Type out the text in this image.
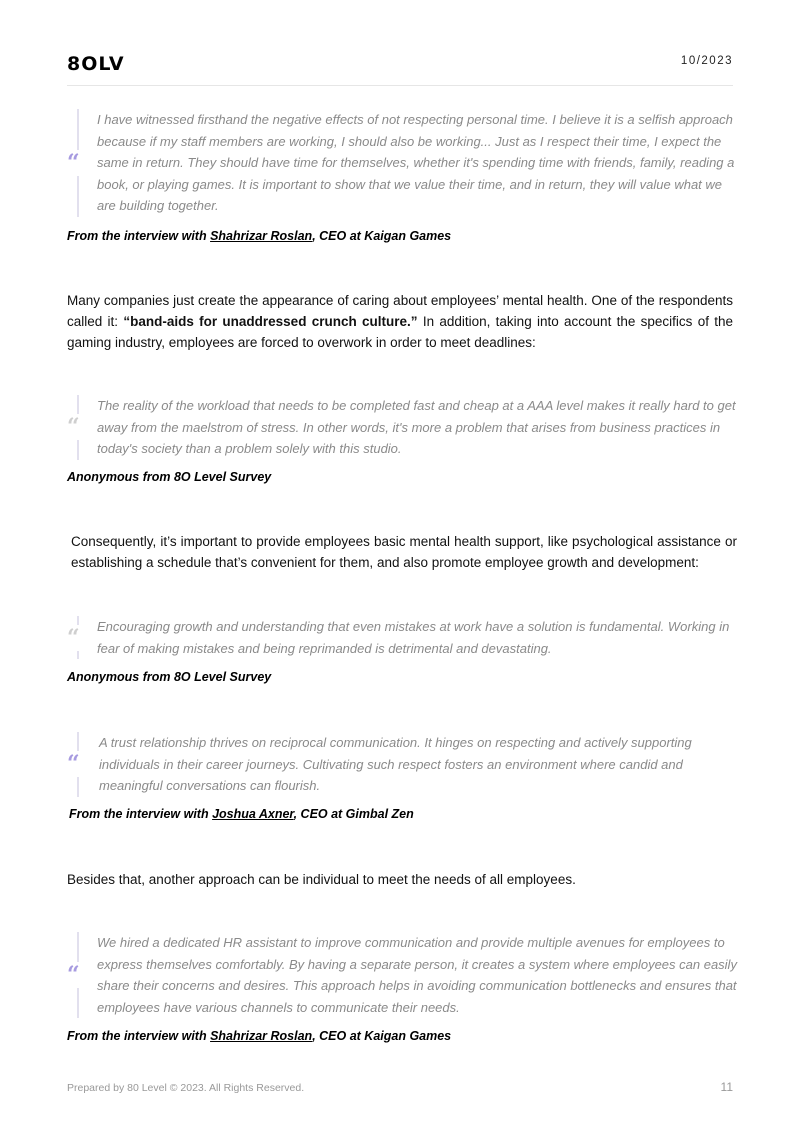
8OLV	10/2023
“
I have witnessed firsthand the negative effects of not respecting personal time. I believe it is a selfish approach because if my staff members are working, I should also be working... Just as I respect their time, I expect the same in return. They should have time for themselves, whether it's spending time with friends, family, reading a book, or playing games. It is important to show that we value their time, and in return, they will value what we are building together.
From the interview with Shahrizar Roslan, CEO at Kaigan Games
Many companies just create the appearance of caring about employees’ mental health. One of the respondents called it: “band-aids for unaddressed crunch culture.” In addition, taking into account the specifics of the gaming industry, employees are forced to overwork in order to meet deadlines:
“
The reality of the workload that needs to be completed fast and cheap at a AAA level makes it really hard to get away from the maelstrom of stress. In other words, it's more a problem that arises from business practices in today's society than a problem solely with this studio.
Anonymous from 8O Level Survey
Consequently, it’s important to provide employees basic mental health support, like psychological assistance or establishing a schedule that’s convenient for them, and also promote employee growth and development:
“ Encouraging growth and understanding that even mistakes at work have a solution is fundamental. Working in fear of making mistakes and being reprimanded is detrimental and devastating.
Anonymous from 8O Level Survey
“
A trust relationship thrives on reciprocal communication. It hinges on respecting and actively supporting individuals in their career journeys. Cultivating such respect fosters an environment where candid and meaningful conversations can flourish.
From the interview with Joshua Axner, CEO at Gimbal Zen
Besides that, another approach can be individual to meet the needs of all employees.
“
We hired a dedicated HR assistant to improve communication and provide multiple avenues for employees to express themselves comfortably. By having a separate person, it creates a system where employees can easily share their concerns and desires. This approach helps in avoiding communication bottlenecks and ensures that employees have various channels to communicate their needs.
From the interview with Shahrizar Roslan, CEO at Kaigan Games
Prepared by 80 Level © 2023. All Rights Reserved.	11
